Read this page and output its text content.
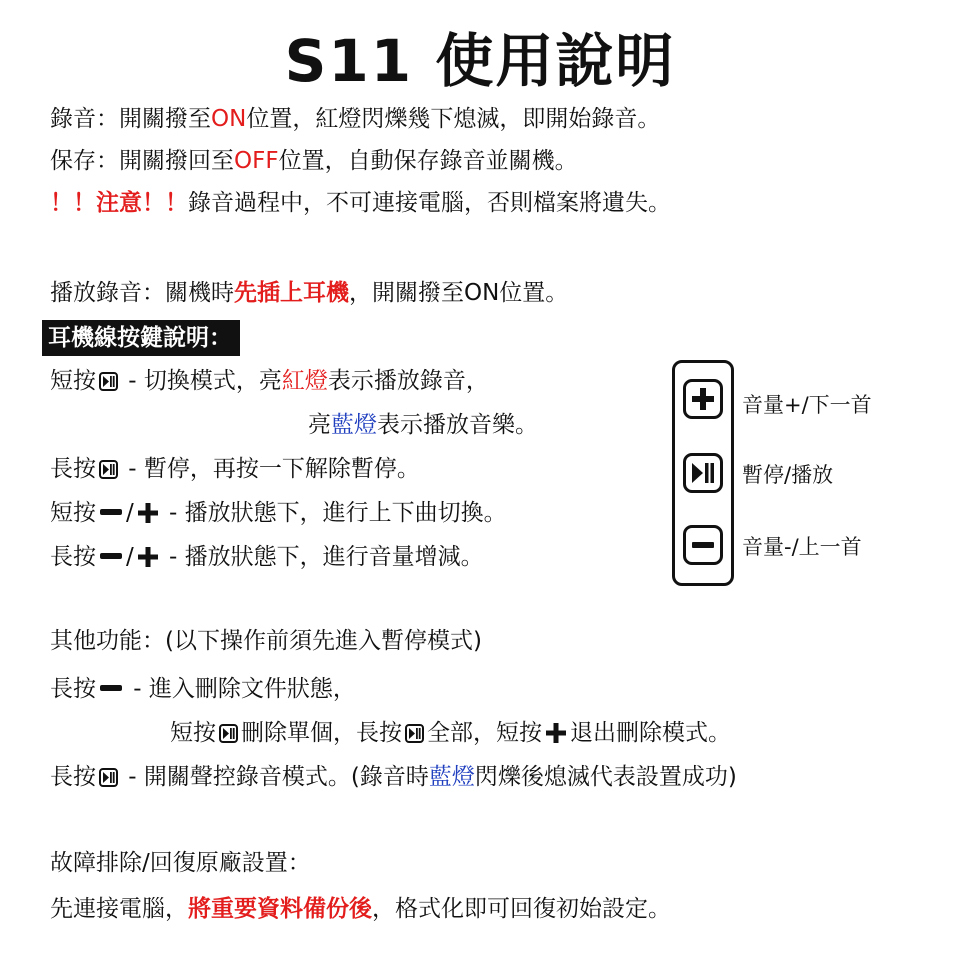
S11 使用說明
錄音：開關撥至ON位置，紅燈閃爍幾下熄滅，即開始錄音。
保存：開關撥回至OFF位置，自動保存錄音並關機。
！！注意！！錄音過程中，不可連接電腦，否則檔案將遺失。
播放錄音：關機時先插上耳機，開關撥至ON位置。
耳機線按鍵說明：
短按
- 切換模式，亮紅燈表示播放錄音，
亮藍燈表示播放音樂。
長按
- 暫停，再按一下解除暫停。
短按 / - 播放狀態下，進行上下曲切換。
長按 / - 播放狀態下，進行音量增減。
音量+/下一首
暫停/播放
音量-/上一首
其他功能：(以下操作前須先進入暫停模式)
長按 - 進入刪除文件狀態，
短按 刪除單個，長按 全部，短按 退出刪除模式。
長按
- 開關聲控錄音模式。(錄音時藍燈閃爍後熄滅代表設置成功)
故障排除/回復原廠設置：
先連接電腦，將重要資料備份後，格式化即可回復初始設定。
